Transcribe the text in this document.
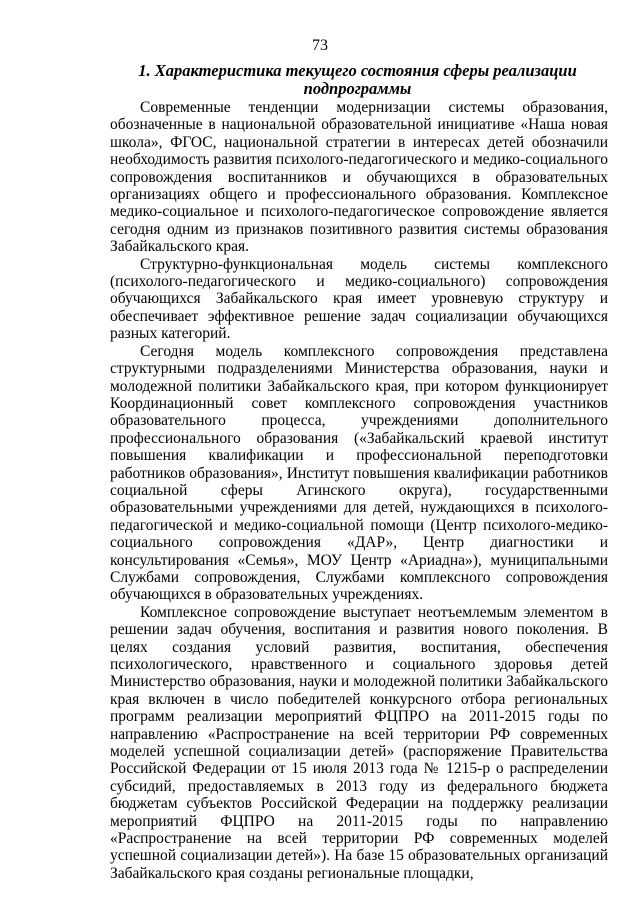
73
1. Характеристика текущего состояния сферы реализации подпрограммы

Современные тенденции модернизации системы образования, обозначенные в национальной образовательной инициативе «Наша новая школа», ФГОС, национальной стратегии в интересах детей обозначили необходимость развития психолого-педагогического и медико-социального сопровождения воспитанников и обучающихся в образовательных организациях общего и профессионального образования. Комплексное медико-социальное и психолого-педагогическое сопровождение является сегодня одним из признаков позитивного развития системы образования Забайкальского края.

Структурно-функциональная модель системы комплексного (психолого-педагогического и медико-социального) сопровождения обучающихся Забайкальского края имеет уровневую структуру и обеспечивает эффективное решение задач социализации обучающихся разных категорий.

Сегодня модель комплексного сопровождения представлена структурными подразделениями Министерства образования, науки и молодежной политики Забайкальского края, при котором функционирует Координационный совет комплексного сопровождения участников образовательного процесса, учреждениями дополнительного профессионального образования («Забайкальский краевой институт повышения квалификации и профессиональной переподготовки работников образования», Институт повышения квалификации работников социальной сферы Агинского округа), государственными образовательными учреждениями для детей, нуждающихся в психолого-педагогической и медико-социальной помощи (Центр психолого-медико-социального сопровождения «ДАР», Центр диагностики и консультирования «Семья», МОУ Центр «Ариадна»), муниципальными Службами сопровождения, Службами комплексного сопровождения обучающихся в образовательных учреждениях.

Комплексное сопровождение выступает неотъемлемым элементом в решении задач обучения, воспитания и развития нового поколения. В целях создания условий развития, воспитания, обеспечения психологического, нравственного и социального здоровья детей Министерство образования, науки и молодежной политики Забайкальского края включен в число победителей конкурсного отбора региональных программ реализации мероприятий ФЦПРО на 2011-2015 годы по направлению «Распространение на всей территории РФ современных моделей успешной социализации детей» (распоряжение Правительства Российской Федерации от 15 июля 2013 года № 1215-р о распределении субсидий, предоставляемых в 2013 году из федерального бюджета бюджетам субъектов Российской Федерации на поддержку реализации мероприятий ФЦПРО на 2011-2015 годы по направлению «Распространение на всей территории РФ современных моделей успешной социализации детей»). На базе 15 образовательных организаций Забайкальского края созданы региональные площадки,
